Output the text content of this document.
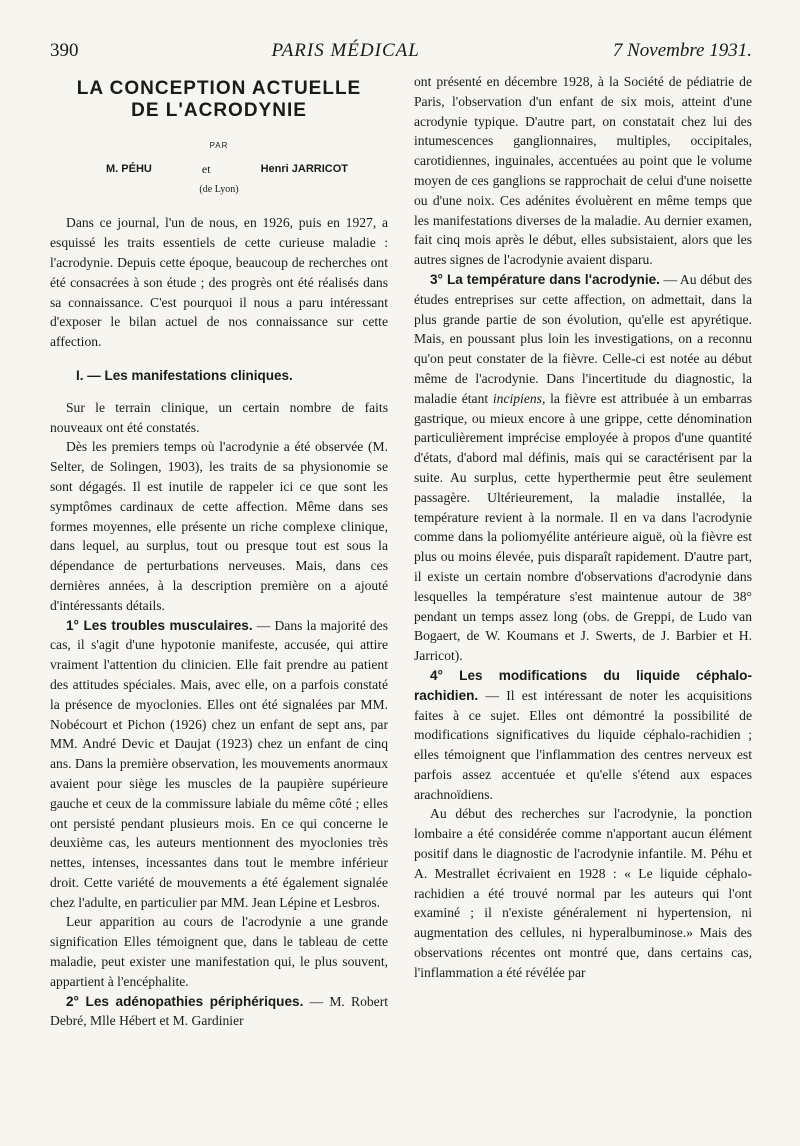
390	PARIS MÉDICAL	7 Novembre 1931.
LA CONCEPTION ACTUELLE
DE L'ACRODYNIE
PAR
M. PÉHU	et	Henri JARRICOT
(de Lyon)

Dans ce journal, l'un de nous, en 1926, puis en 1927, a esquissé les traits essentiels de cette curieuse maladie : l'acrodynie. Depuis cette époque, beaucoup de recherches ont été consacrées à son étude ; des progrès ont été réalisés dans sa connaissance. C'est pourquoi il nous a paru intéressant d'exposer le bilan actuel de nos connaissance sur cette affection.

I. — Les manifestations cliniques.

Sur le terrain clinique, un certain nombre de faits nouveaux ont été constatés.

Dès les premiers temps où l'acrodynie a été observée (M. Selter, de Solingen, 1903), les traits de sa physionomie se sont dégagés. Il est inutile de rappeler ici ce que sont les symptômes cardinaux de cette affection. Même dans ses formes moyennes, elle présente un riche complexe clinique, dans lequel, au surplus, tout ou presque tout est sous la dépendance de perturbations nerveuses. Mais, dans ces dernières années, à la description première on a ajouté d'intéressants détails.

1° Les troubles musculaires. — Dans la majorité des cas, il s'agit d'une hypotonie manifeste, accusée, qui attire vraiment l'attention du clinicien. Elle fait prendre au patient des attitudes spéciales. Mais, avec elle, on a parfois constaté la présence de myoclonies. Elles ont été signalées par MM. Nobécourt et Pichon (1926) chez un enfant de sept ans, par MM. André Devic et Daujat (1923) chez un enfant de cinq ans. Dans la première observation, les mouvements anormaux avaient pour siège les muscles de la paupière supérieure gauche et ceux de la commissure labiale du même côté ; elles ont persisté pendant plusieurs mois. En ce qui concerne le deuxième cas, les auteurs mentionnent des myoclonies très nettes, intenses, incessantes dans tout le membre inférieur droit. Cette variété de mouvements a été également signalée chez l'adulte, en particulier par MM. Jean Lépine et Lesbros.

Leur apparition au cours de l'acrodynie a une grande signification Elles témoignent que, dans le tableau de cette maladie, peut exister une manifestation qui, le plus souvent, appartient à l'encéphalite.

2° Les adénopathies périphériques. — M. Robert Debré, Mlle Hébert et M. Gardinier

ont présenté en décembre 1928, à la Société de pédiatrie de Paris, l'observation d'un enfant de six mois, atteint d'une acrodynie typique. D'autre part, on constatait chez lui des intumescences ganglionnaires, multiples, occipitales, carotidiennes, inguinales, accentuées au point que le volume moyen de ces ganglions se rapprochait de celui d'une noisette ou d'une noix. Ces adénites évoluèrent en même temps que les manifestations diverses de la maladie. Au dernier examen, fait cinq mois après le début, elles subsistaient, alors que les autres signes de l'acrodynie avaient disparu.

3° La température dans l'acrodynie. — Au début des études entreprises sur cette affection, on admettait, dans la plus grande partie de son évolution, qu'elle est apyrétique. Mais, en poussant plus loin les investigations, on a reconnu qu'on peut constater de la fièvre. Celle-ci est notée au début même de l'acrodynie. Dans l'incertitude du diagnostic, la maladie étant incipiens, la fièvre est attribuée à un embarras gastrique, ou mieux encore à une grippe, cette dénomination particulièrement imprécise employée à propos d'une quantité d'états, d'abord mal définis, mais qui se caractérisent par la suite. Au surplus, cette hyperthermie peut être seulement passagère. Ultérieurement, la maladie installée, la température revient à la normale. Il en va dans l'acrodynie comme dans la poliomyélite antérieure aiguë, où la fièvre est plus ou moins élevée, puis disparaît rapidement. D'autre part, il existe un certain nombre d'observations d'acrodynie dans lesquelles la température s'est maintenue autour de 38° pendant un temps assez long (obs. de Greppi, de Ludo van Bogaert, de W. Koumans et J. Swerts, de J. Barbier et H. Jarricot).

4° Les modifications du liquide céphalo-rachidien. — Il est intéressant de noter les acquisitions faites à ce sujet. Elles ont démontré la possibilité de modifications significatives du liquide céphalo-rachidien ; elles témoignent que l'inflammation des centres nerveux est parfois assez accentuée et qu'elle s'étend aux espaces arachnoïdiens.

Au début des recherches sur l'acrodynie, la ponction lombaire a été considérée comme n'apportant aucun élément positif dans le diagnostic de l'acrodynie infantile. M. Péhu et A. Mestrallet écrivaient en 1928 : « Le liquide céphalo-rachidien a été trouvé normal par les auteurs qui l'ont examiné ; il n'existe généralement ni hypertension, ni augmentation des cellules, ni hyperalbuminose.» Mais des observations récentes ont montré que, dans certains cas, l'inflammation a été révélée par
